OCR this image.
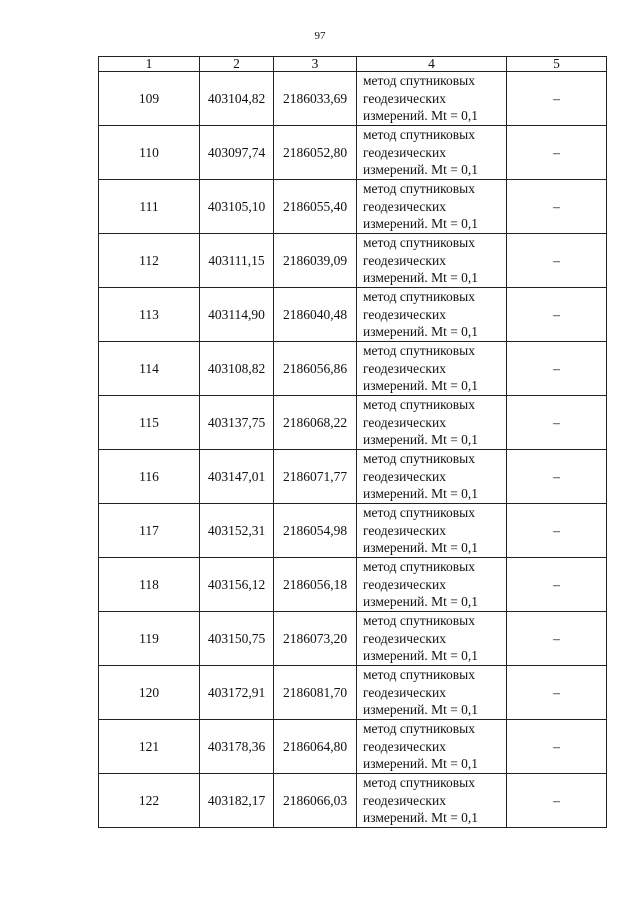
97
1	2	3	4	5
109	403104,82	2186033,69	метод спутниковых
геодезических
измерений. Mt = 0,1	–
110	403097,74	2186052,80	метод спутниковых
геодезических
измерений. Mt = 0,1	–
111	403105,10	2186055,40	метод спутниковых
геодезических
измерений. Mt = 0,1	–
112	403111,15	2186039,09	метод спутниковых
геодезических
измерений. Mt = 0,1	–
113	403114,90	2186040,48	метод спутниковых
геодезических
измерений. Mt = 0,1	–
114	403108,82	2186056,86	метод спутниковых
геодезических
измерений. Mt = 0,1	–
115	403137,75	2186068,22	метод спутниковых
геодезических
измерений. Mt = 0,1	–
116	403147,01	2186071,77	метод спутниковых
геодезических
измерений. Mt = 0,1	–
117	403152,31	2186054,98	метод спутниковых
геодезических
измерений. Mt = 0,1	–
118	403156,12	2186056,18	метод спутниковых
геодезических
измерений. Mt = 0,1	–
119	403150,75	2186073,20	метод спутниковых
геодезических
измерений. Mt = 0,1	–
120	403172,91	2186081,70	метод спутниковых
геодезических
измерений. Mt = 0,1	–
121	403178,36	2186064,80	метод спутниковых
геодезических
измерений. Mt = 0,1	–
122	403182,17	2186066,03	метод спутниковых
геодезических
измерений. Mt = 0,1	–
